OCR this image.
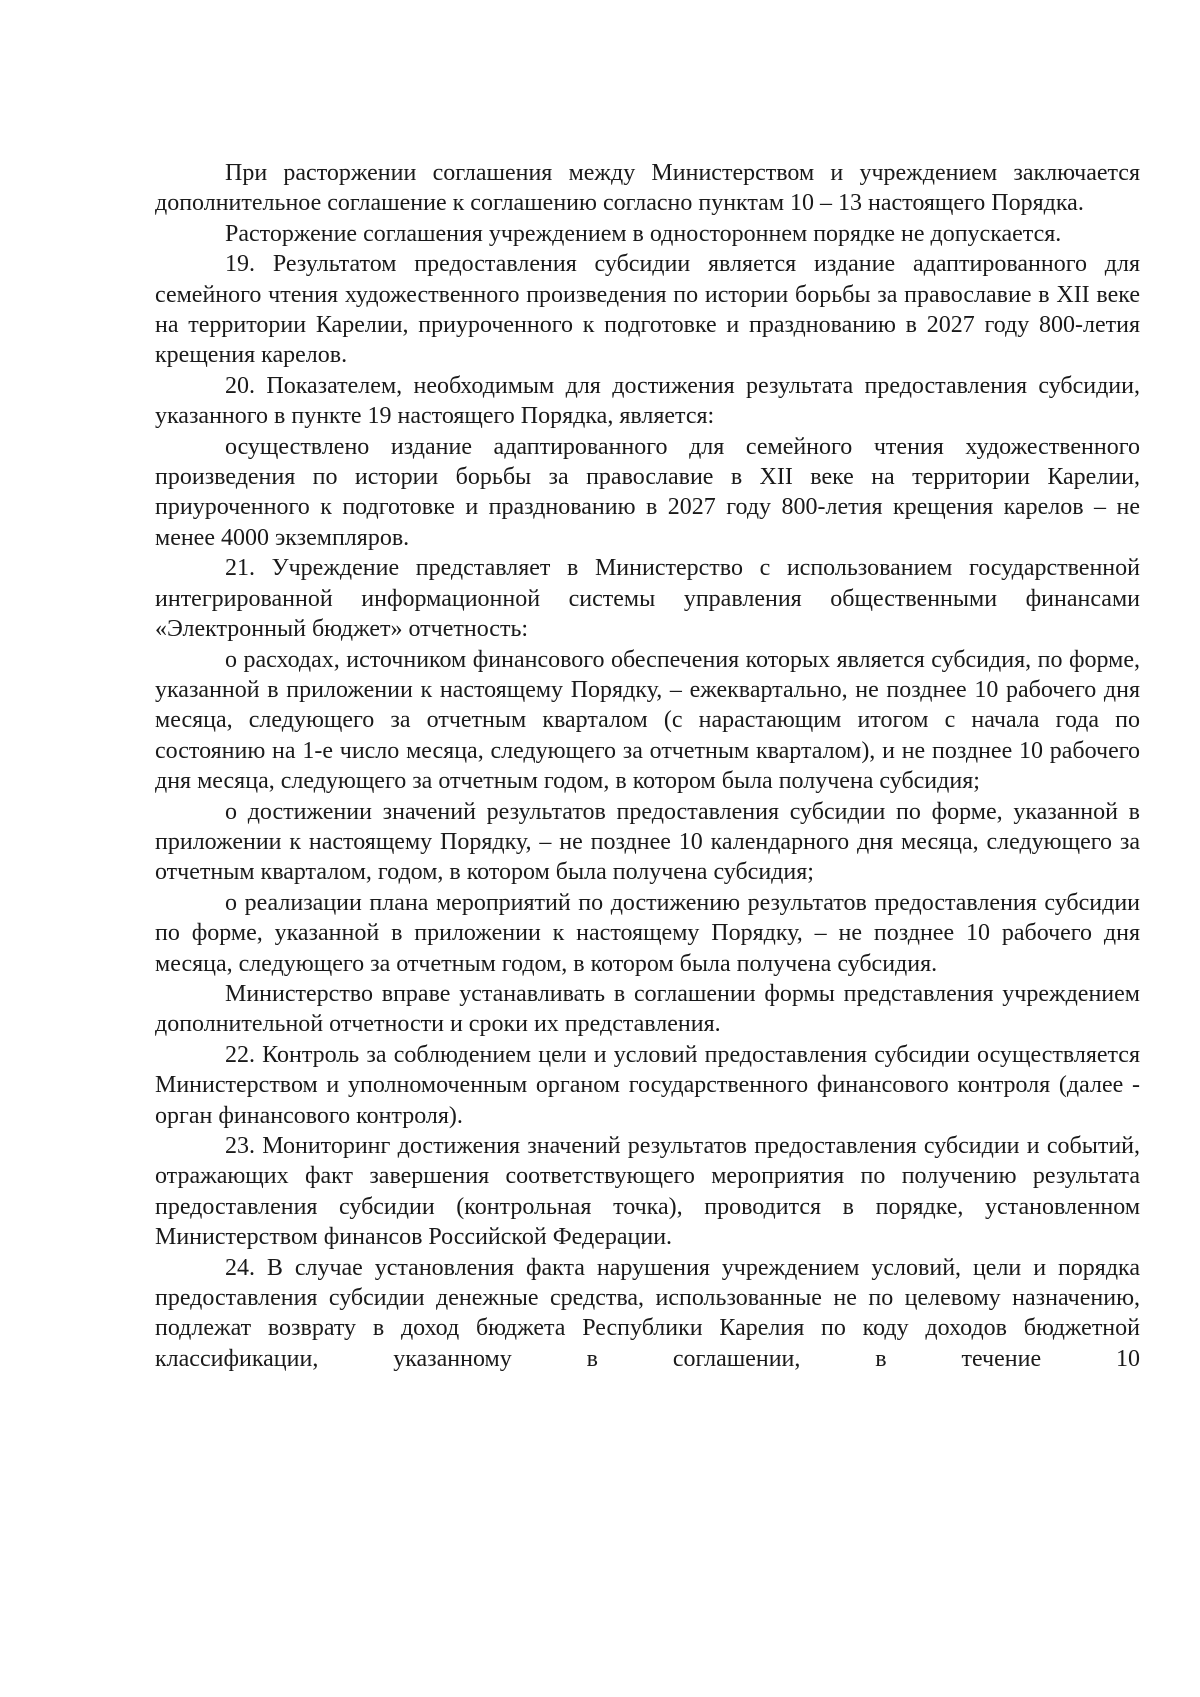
При расторжении соглашения между Министерством и учреждением заключается дополнительное соглашение к соглашению согласно пунктам 10 – 13 настоящего Порядка.

Расторжение соглашения учреждением в одностороннем порядке не допускается.

19. Результатом предоставления субсидии является издание адаптированного для семейного чтения художественного произведения по истории борьбы за православие в XII веке на территории Карелии, приуроченного к подготовке и празднованию в 2027 году 800-летия крещения карелов.

20. Показателем, необходимым для достижения результата предоставления субсидии, указанного в пункте 19 настоящего Порядка, является:

осуществлено издание адаптированного для семейного чтения художественного произведения по истории борьбы за православие в XII веке на территории Карелии, приуроченного к подготовке и празднованию в 2027 году 800-летия крещения карелов – не менее 4000 экземпляров.

21. Учреждение представляет в Министерство с использованием государственной интегрированной информационной системы управления общественными финансами «Электронный бюджет» отчетность:

о расходах, источником финансового обеспечения которых является субсидия, по форме, указанной в приложении к настоящему Порядку, – ежеквартально, не позднее 10 рабочего дня месяца, следующего за отчетным кварталом (с нарастающим итогом с начала года по состоянию на 1-е число месяца, следующего за отчетным кварталом), и не позднее 10 рабочего дня месяца, следующего за отчетным годом, в котором была получена субсидия;

о достижении значений результатов предоставления субсидии по форме, указанной в приложении к настоящему Порядку, – не позднее 10 календарного дня месяца, следующего за отчетным кварталом, годом, в котором была получена субсидия;

о реализации плана мероприятий по достижению результатов предоставления субсидии по форме, указанной в приложении к настоящему Порядку, – не позднее 10 рабочего дня месяца, следующего за отчетным годом, в котором была получена субсидия.

Министерство вправе устанавливать в соглашении формы представления учреждением дополнительной отчетности и сроки их представления.

22. Контроль за соблюдением цели и условий предоставления субсидии осуществляется Министерством и уполномоченным органом государственного финансового контроля (далее - орган финансового контроля).

23. Мониторинг достижения значений результатов предоставления субсидии и событий, отражающих факт завершения соответствующего мероприятия по получению результата предоставления субсидии (контрольная точка), проводится в порядке, установленном Министерством финансов Российской Федерации.

24. В случае установления факта нарушения учреждением условий, цели и порядка предоставления субсидии денежные средства, использованные не по целевому назначению, подлежат возврату в доход бюджета Республики Карелия по коду доходов бюджетной классификации, указанному в соглашении, в течение 10
